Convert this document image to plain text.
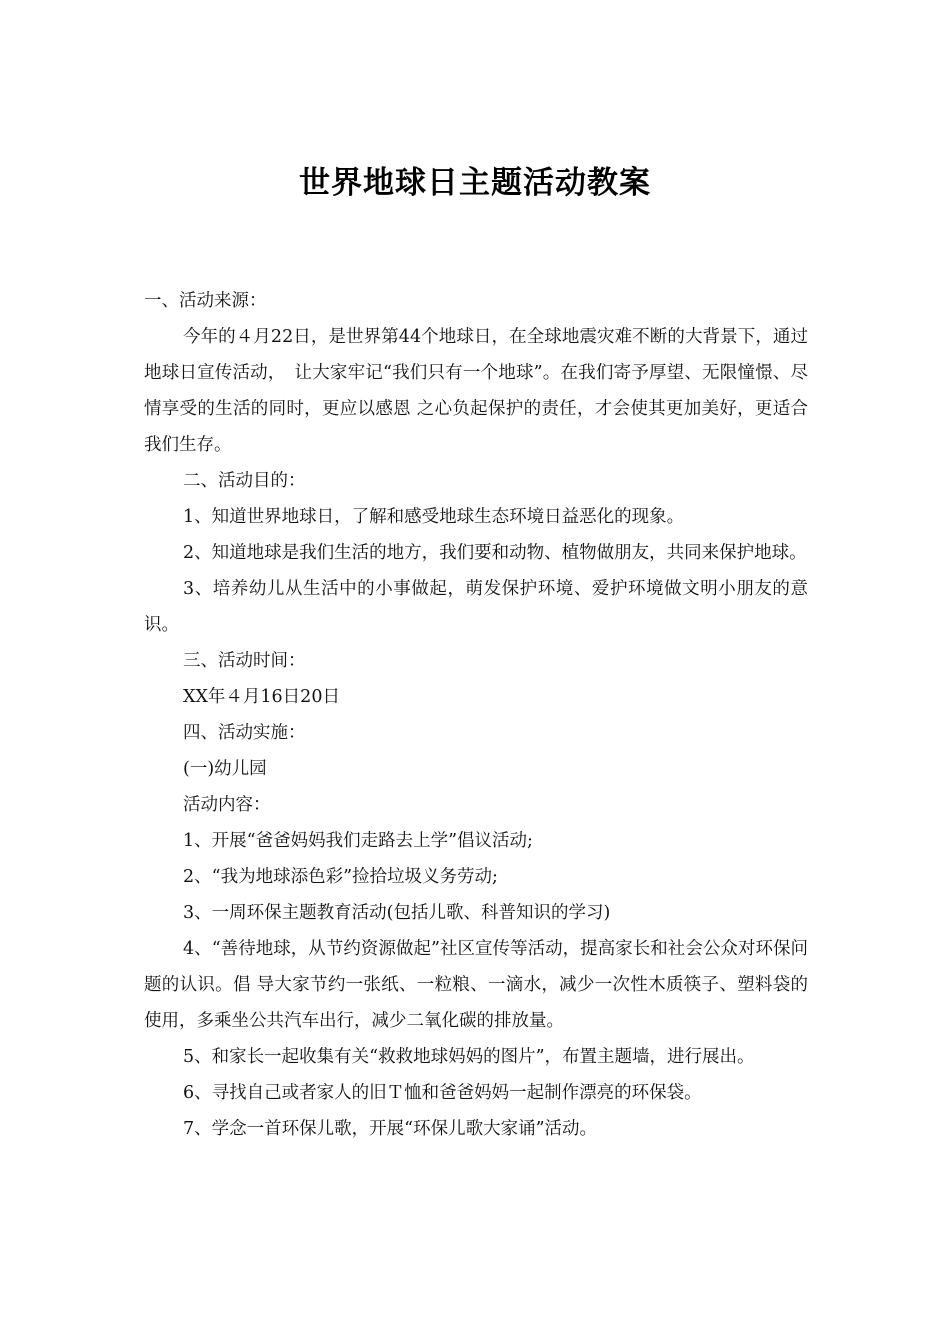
世界地球日主题活动教案

一、活动来源：

今年的４月22日，是世界第44个地球日，在全球地震灾难不断的大背景下，通过地球日宣传活动，　让大家牢记“我们只有一个地球”。在我们寄予厚望、无限憧憬、尽情享受的生活的同时，更应以感恩 之心负起保护的责任，才会使其更加美好，更适合我们生存。

二、活动目的：

1、知道世界地球日，了解和感受地球生态环境日益恶化的现象。

2、知道地球是我们生活的地方，我们要和动物、植物做朋友，共同来保护地球。

3、培养幼儿从生活中的小事做起，萌发保护环境、爱护环境做文明小朋友的意识。

三、活动时间：

XX年４月16日20日

四、活动实施：

(一)幼儿园

活动内容：

1、开展“爸爸妈妈我们走路去上学”倡议活动;

2、“我为地球添色彩”捡拾垃圾义务劳动;

3、一周环保主题教育活动(包括儿歌、科普知识的学习)

4、“善待地球，从节约资源做起”社区宣传等活动，提高家长和社会公众对环保问题的认识。倡 导大家节约一张纸、一粒粮、一滴水，减少一次性木质筷子、塑料袋的使用，多乘坐公共汽车出行，减少二氧化碳的排放量。

5、和家长一起收集有关“救救地球妈妈的图片”，布置主题墙，进行展出。

6、寻找自己或者家人的旧Ｔ恤和爸爸妈妈一起制作漂亮的环保袋。

7、学念一首环保儿歌，开展“环保儿歌大家诵”活动。
